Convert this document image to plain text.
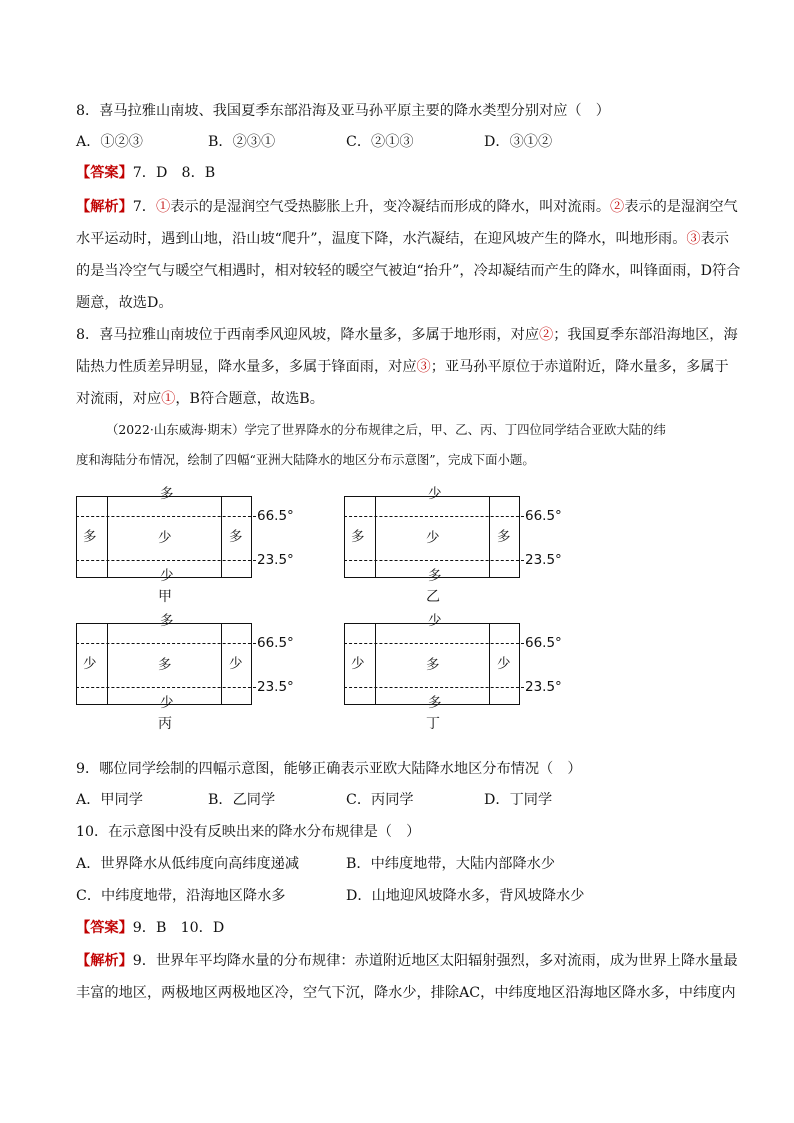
8．喜马拉雅山南坡、我国夏季东部沿海及亚马孙平原主要的降水类型分别对应（　）
A．①②③	B．②③①	C．②①③	D．③①②
【答案】7．D　8．B
【解析】7．①表示的是湿润空气受热膨胀上升，变冷凝结而形成的降水，叫对流雨。②表示的是湿润空气
水平运动时，遇到山地，沿山坡“爬升”，温度下降，水汽凝结，在迎风坡产生的降水，叫地形雨。③表示
的是当冷空气与暖空气相遇时，相对较轻的暖空气被迫“抬升”，冷却凝结而产生的降水，叫锋面雨，D符合
题意，故选D。
8．喜马拉雅山南坡位于西南季风迎风坡，降水量多，多属于地形雨，对应②；我国夏季东部沿海地区，海
陆热力性质差异明显，降水量多，多属于锋面雨，对应③；亚马孙平原位于赤道附近，降水量多，多属于
对流雨，对应①，B符合题意，故选B。
（2022·山东威海·期末）学完了世界降水的分布规律之后，甲、乙、丙、丁四位同学结合亚欧大陆的纬
度和海陆分布情况，绘制了四幅“亚洲大陆降水的地区分布示意图”，完成下面小题。
多
多	少	多
少
66.5°
23.5°
甲
少
多	少	多
多
66.5°
23.5°
乙
多
少	多	少
少
66.5°
23.5°
丙
少
少	多	少
多
66.5°
23.5°
丁
9．哪位同学绘制的四幅示意图，能够正确表示亚欧大陆降水地区分布情况（　）
A．甲同学	B．乙同学	C．丙同学	D．丁同学
10．在示意图中没有反映出来的降水分布规律是（　）
A．世界降水从低纬度向高纬度递减	B．中纬度地带，大陆内部降水少
C．中纬度地带，沿海地区降水多	D．山地迎风坡降水多，背风坡降水少
【答案】9．B　10．D
【解析】9．世界年平均降水量的分布规律：赤道附近地区太阳辐射强烈，多对流雨，成为世界上降水量最
丰富的地区，两极地区两极地区冷，空气下沉，降水少，排除AC，中纬度地区沿海地区降水多，中纬度内
